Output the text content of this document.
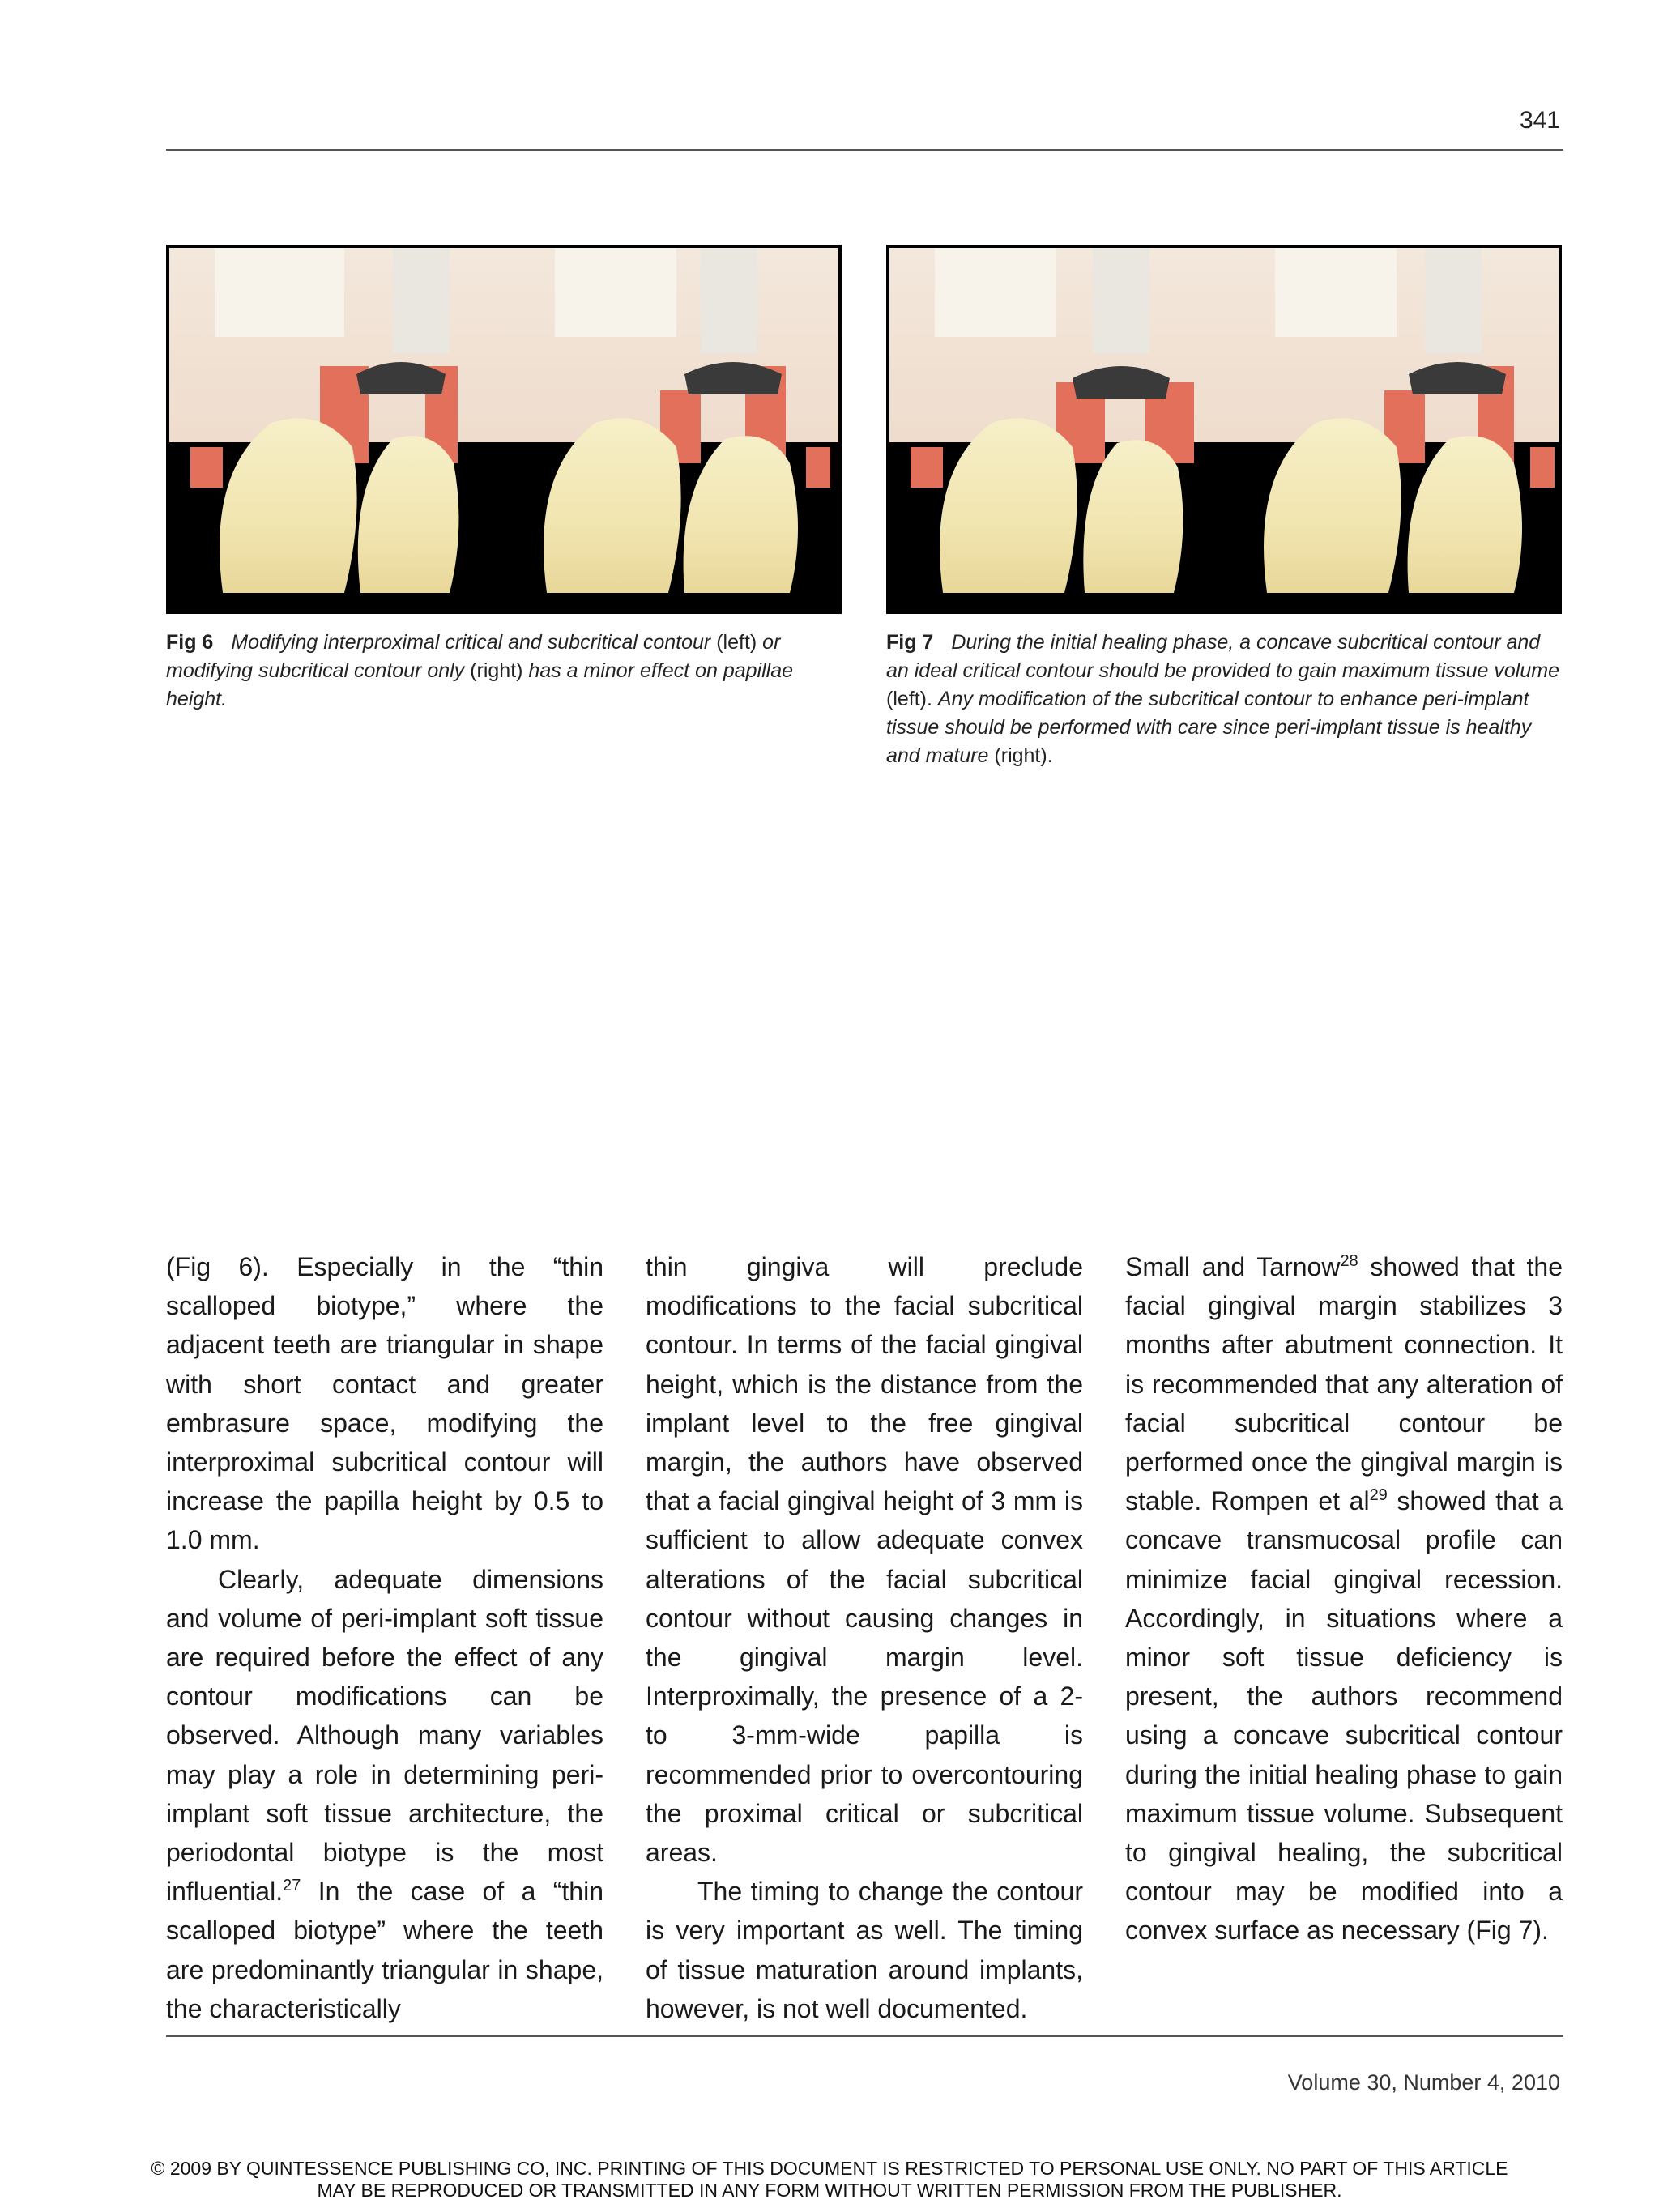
341
Fig 6 Modifying interproximal critical and subcritical contour (left) or modifying subcritical contour only (right) has a minor effect on papillae height.
Fig 7 During the initial healing phase, a concave subcritical contour and an ideal critical contour should be provided to gain maximum tissue volume (left). Any modification of the subcritical contour to enhance peri-implant tissue should be performed with care since peri-implant tissue is healthy and mature (right).

(Fig 6). Especially in the “thin scalloped biotype,” where the adjacent teeth are triangular in shape with short contact and greater embrasure space, modifying the interproximal subcritical contour will increase the papilla height by 0.5 to 1.0 mm.

Clearly, adequate dimensions and volume of peri-implant soft tissue are required before the effect of any contour modifications can be observed. Although many variables may play a role in determining peri-implant soft tissue architecture, the periodontal biotype is the most influential.$^{27}$ In the case of a “thin scalloped biotype” where the teeth are predominantly triangular in shape, the characteristically

thin gingiva will preclude modifications to the facial subcritical contour. In terms of the facial gingival height, which is the distance from the implant level to the free gingival margin, the authors have observed that a facial gingival height of 3 mm is sufficient to allow adequate convex alterations of the facial subcritical contour without causing changes in the gingival margin level. Interproximally, the presence of a 2- to 3-mm-wide papilla is recommended prior to overcontouring the proximal critical or subcritical areas.

The timing to change the contour is very important as well. The timing of tissue maturation around implants, however, is not well documented.

Small and Tarnow$^{28}$ showed that the facial gingival margin stabilizes 3 months after abutment connection. It is recommended that any alteration of facial subcritical contour be performed once the gingival margin is stable. Rompen et $al^{29}$ showed that a concave transmucosal profile can minimize facial gingival recession. Accordingly, in situations where a minor soft tissue deficiency is present, the authors recommend using a concave subcritical contour during the initial healing phase to gain maximum tissue volume. Subsequent to gingival healing, the subcritical contour may be modified into a convex surface as necessary (Fig 7).

Volume 30, Number 4, 2010
© 2009 BY QUINTESSENCE PUBLISHING CO, INC. PRINTING OF THIS DOCUMENT IS RESTRICTED TO PERSONAL USE ONLY. NO PART OF THIS ARTICLE
MAY BE REPRODUCED OR TRANSMITTED IN ANY FORM WITHOUT WRITTEN PERMISSION FROM THE PUBLISHER.
